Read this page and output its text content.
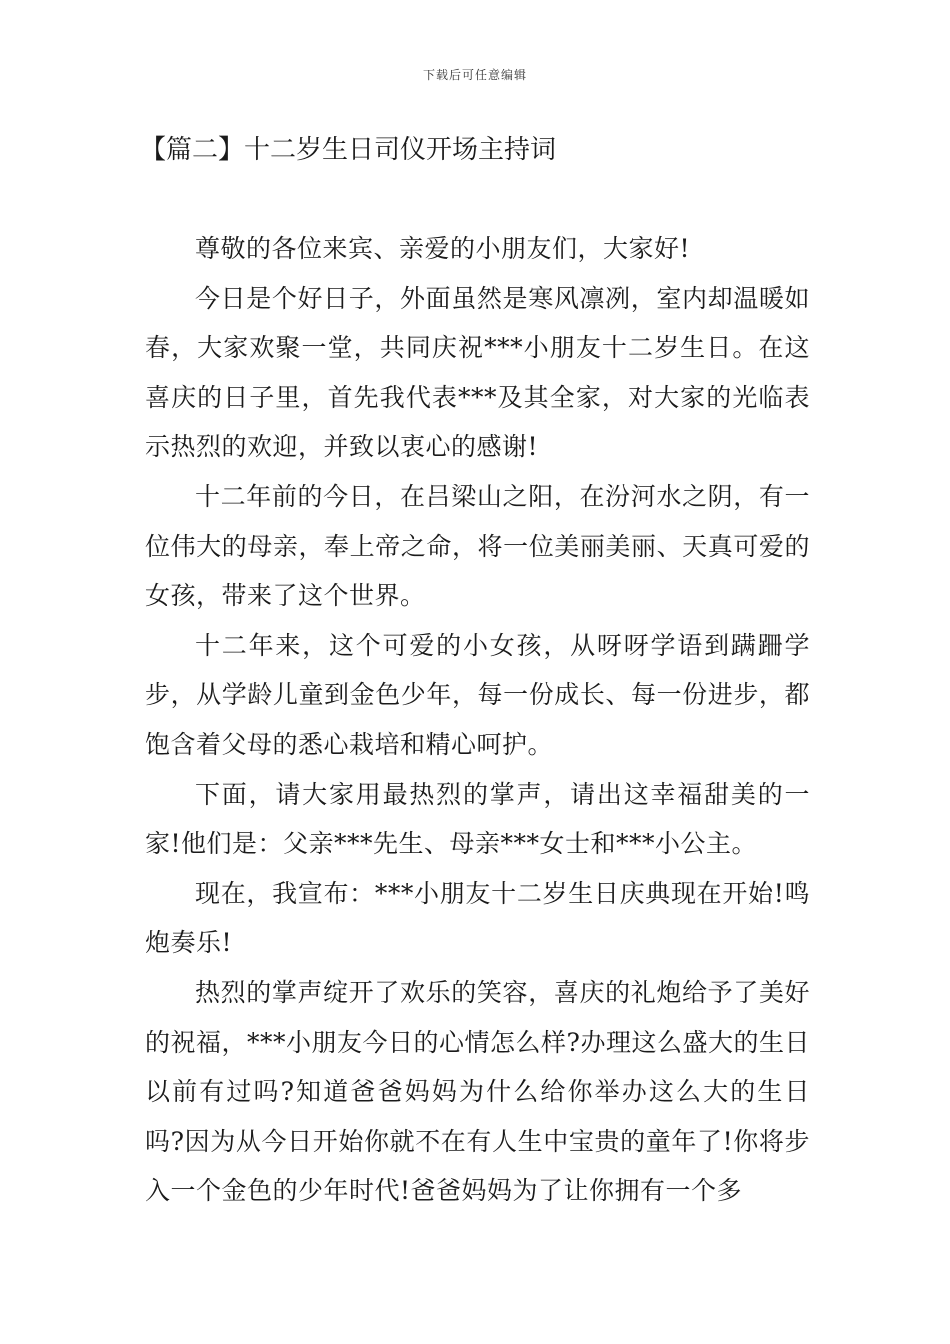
下载后可任意编辑
【篇二】十二岁生日司仪开场主持词

尊敬的各位来宾、亲爱的小朋友们，大家好!

今日是个好日子，外面虽然是寒风凛冽，室内却温暖如春，大家欢聚一堂，共同庆祝***小朋友十二岁生日。在这喜庆的日子里，首先我代表***及其全家，对大家的光临表示热烈的欢迎，并致以衷心的感谢!

十二年前的今日，在吕梁山之阳，在汾河水之阴，有一位伟大的母亲，奉上帝之命，将一位美丽美丽、天真可爱的女孩，带来了这个世界。

十二年来，这个可爱的小女孩，从呀呀学语到蹒跚学步，从学龄儿童到金色少年，每一份成长、每一份进步，都饱含着父母的悉心栽培和精心呵护。

下面，请大家用最热烈的掌声，请出这幸福甜美的一家!他们是：父亲***先生、母亲***女士和***小公主。

现在，我宣布：***小朋友十二岁生日庆典现在开始!鸣炮奏乐!

热烈的掌声绽开了欢乐的笑容，喜庆的礼炮给予了美好的祝福，***小朋友今日的心情怎么样?办理这么盛大的生日以前有过吗?知道爸爸妈妈为什么给你举办这么大的生日吗?因为从今日开始你就不在有人生中宝贵的童年了!你将步入一个金色的少年时代!爸爸妈妈为了让你拥有一个多
